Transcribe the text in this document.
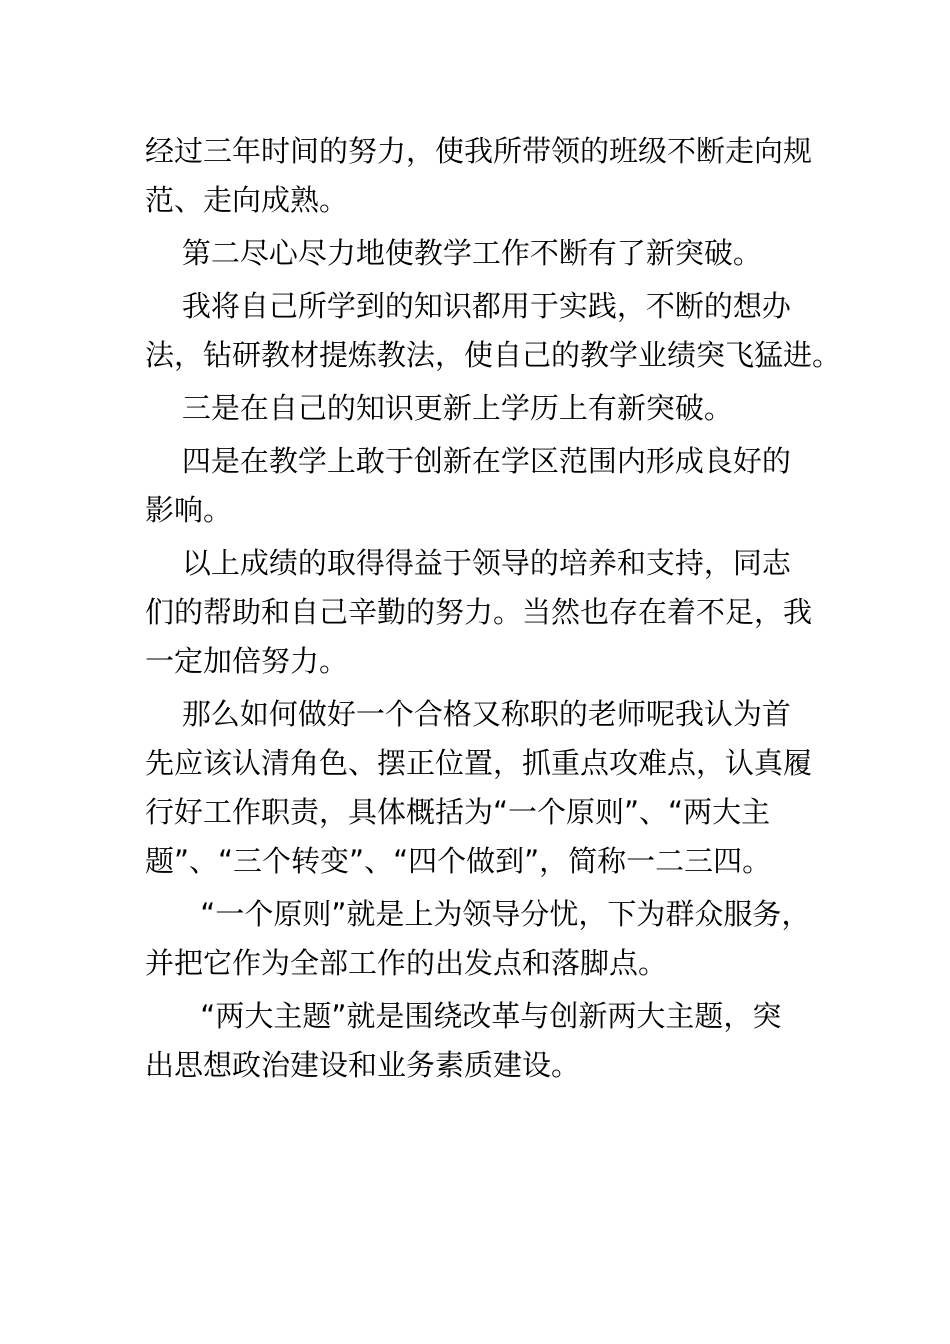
经过三年时间的努力，使我所带领的班级不断走向规
范、走向成熟。

第二尽心尽力地使教学工作不断有了新突破。

我将自己所学到的知识都用于实践，不断的想办
法，钻研教材提炼教法，使自己的教学业绩突飞猛进。

三是在自己的知识更新上学历上有新突破。

四是在教学上敢于创新在学区范围内形成良好的
影响。

以上成绩的取得得益于领导的培养和支持，同志
们的帮助和自己辛勤的努力。当然也存在着不足，我
一定加倍努力。

那么如何做好一个合格又称职的老师呢我认为首
先应该认清角色、摆正位置，抓重点攻难点，认真履
行好工作职责，具体概括为“一个原则”、“两大主
题”、“三个转变”、“四个做到”，简称一二三四。

“一个原则”就是上为领导分忧，下为群众服务，
并把它作为全部工作的出发点和落脚点。

“两大主题”就是围绕改革与创新两大主题，突
出思想政治建设和业务素质建设。
